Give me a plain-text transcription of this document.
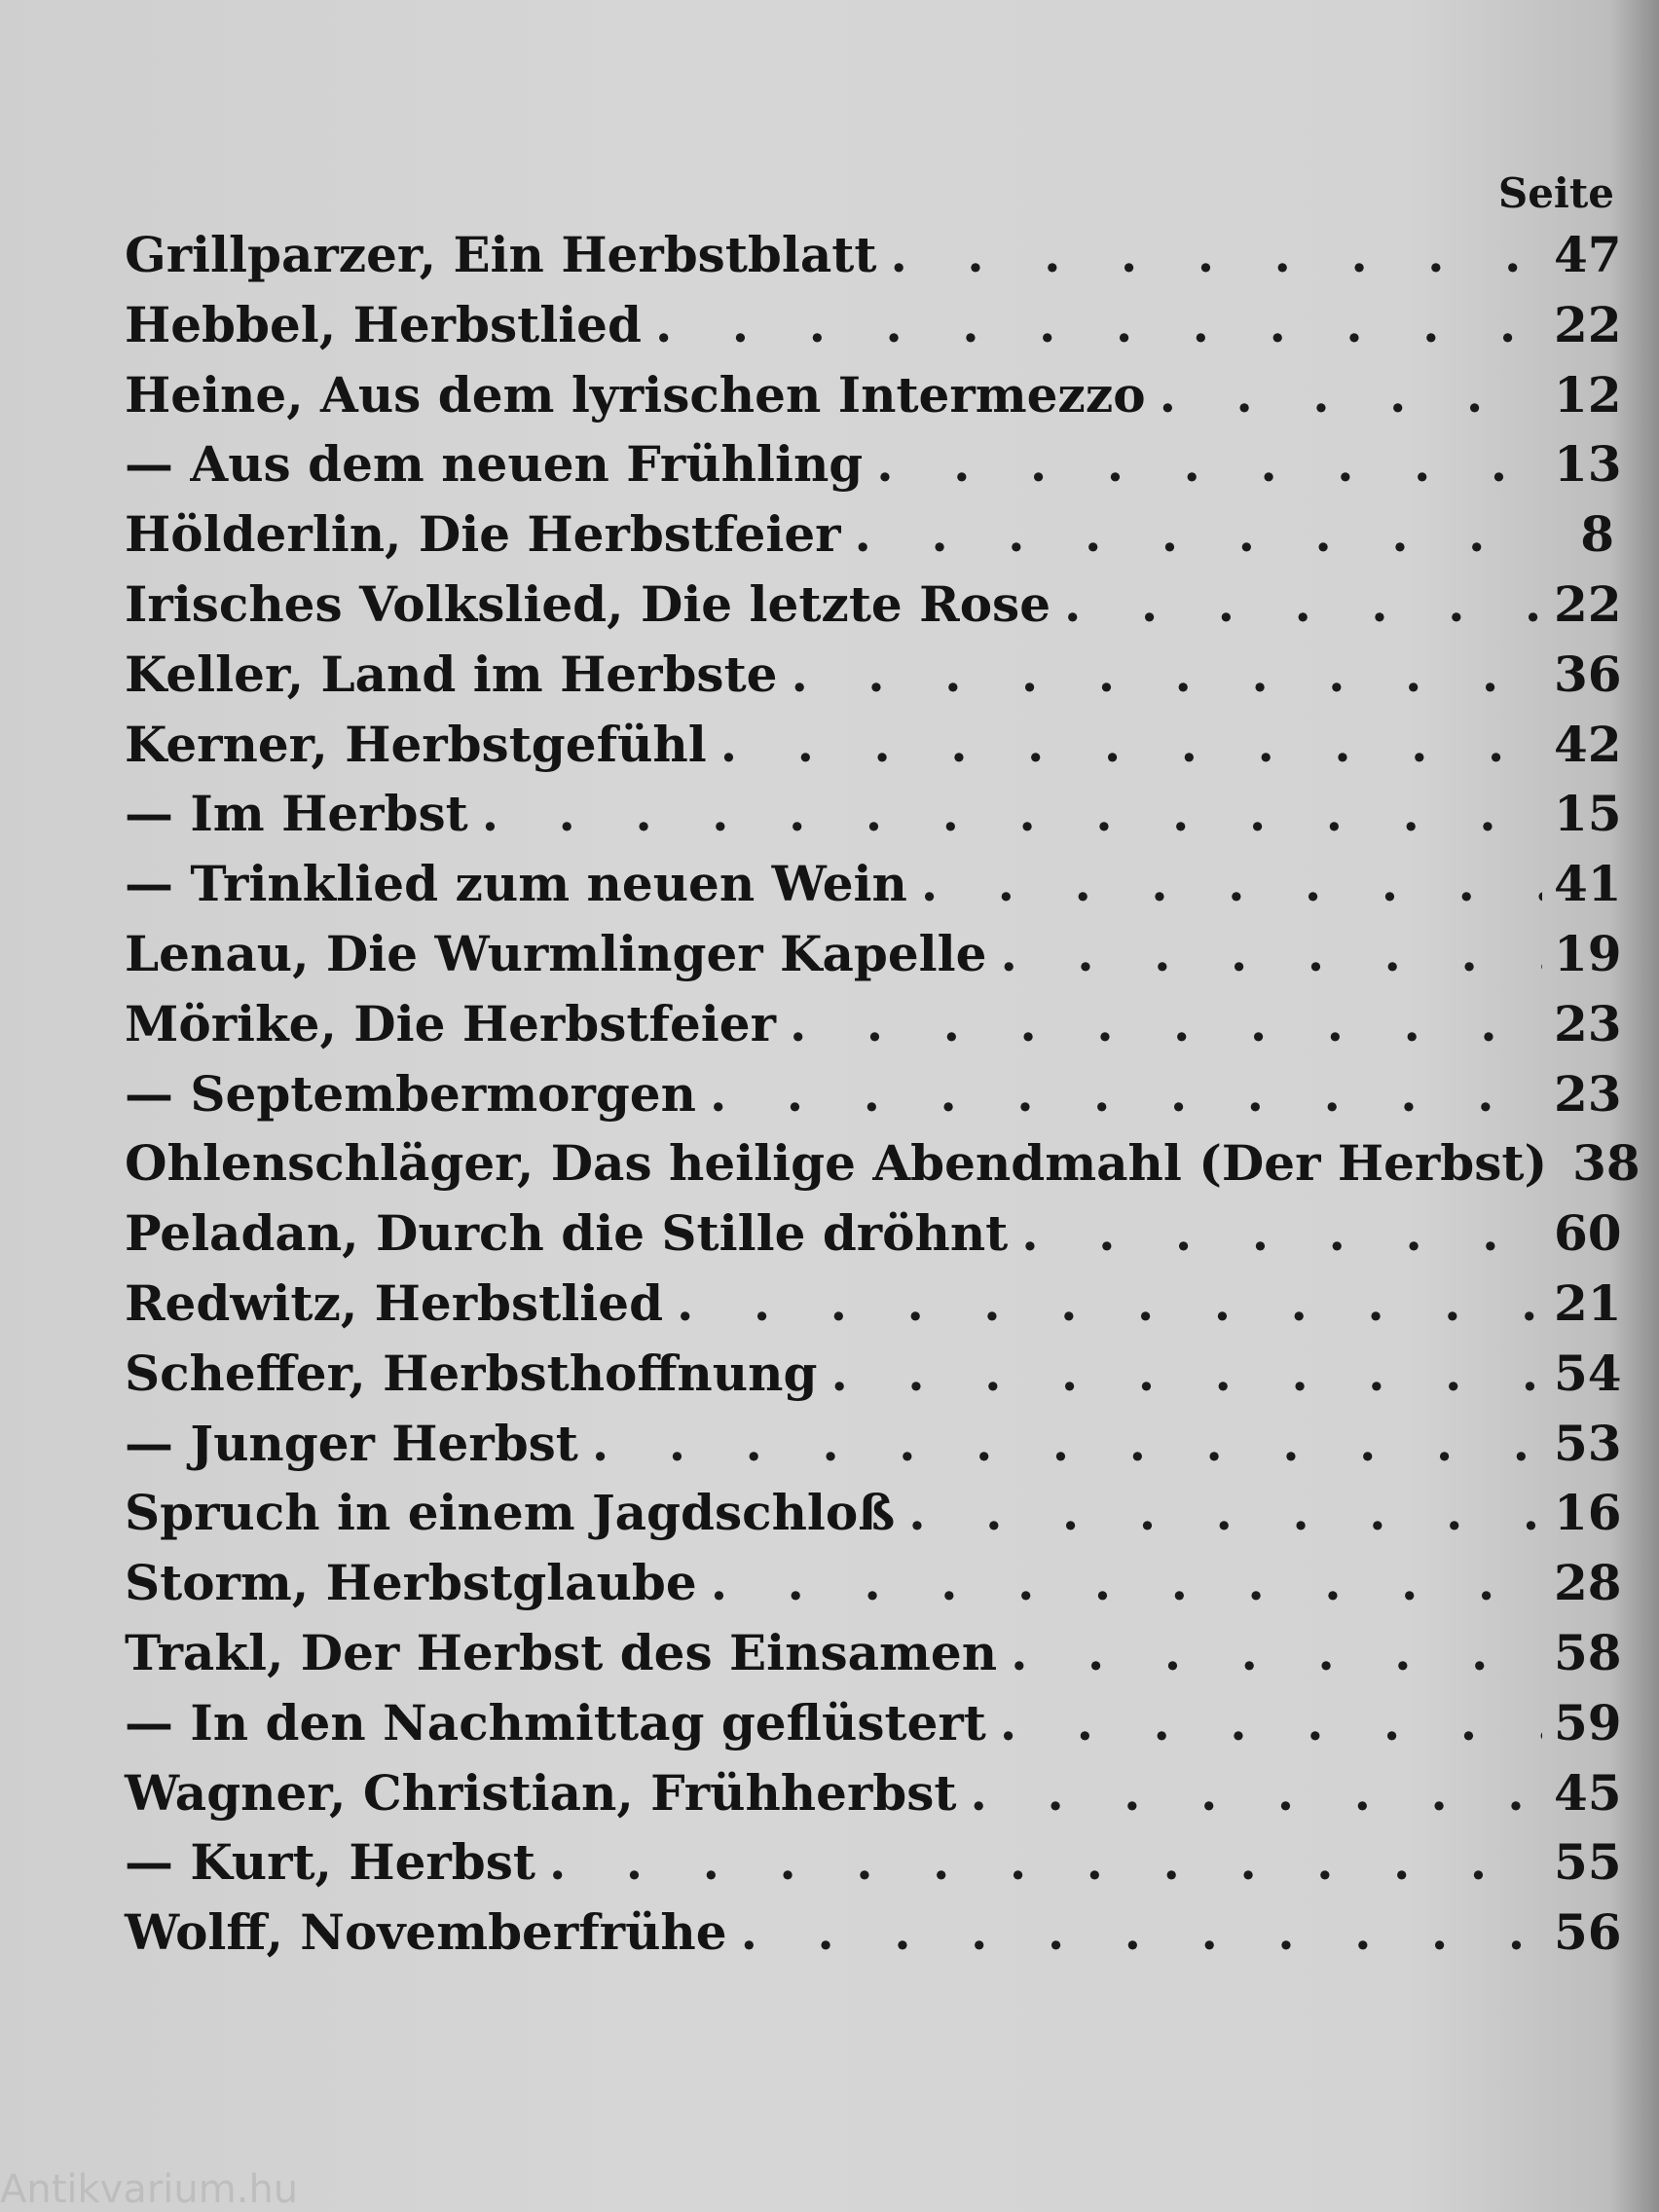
Seite
Grillparzer, Ein Herbstblatt . . .	47
Hebbel, Herbstlied . . .	22
Heine, Aus dem lyrischen Intermezzo . . .	12
— Aus dem neuen Frühling . . .	13
Hölderlin, Die Herbstfeier . . .	8
Irisches Volkslied, Die letzte Rose . . .	22
Keller, Land im Herbste . . .	36
Kerner, Herbstgefühl . . .	42
— Im Herbst . . .	15
— Trinklied zum neuen Wein . . .	41
Lenau, Die Wurmlinger Kapelle . . .	19
Mörike, Die Herbstfeier . . .	23
— Septembermorgen . . .	23
Ohlenschläger, Das heilige Abendmahl (Der Herbst) 38
Peladan, Durch die Stille dröhnt . . .	60
Redwitz, Herbstlied . . .	21
Scheffer, Herbsthoffnung . . .	54
— Junger Herbst . . .	53
Spruch in einem Jagdschloß . . .	16
Storm, Herbstglaube . . .	28
Trakl, Der Herbst des Einsamen . . .	58
— In den Nachmittag geflüstert . . .	59
Wagner, Christian, Frühherbst . . .	45
— Kurt, Herbst . . .	55
Wolff, Novemberfrühe . . .	56
Antikvarium.hu
